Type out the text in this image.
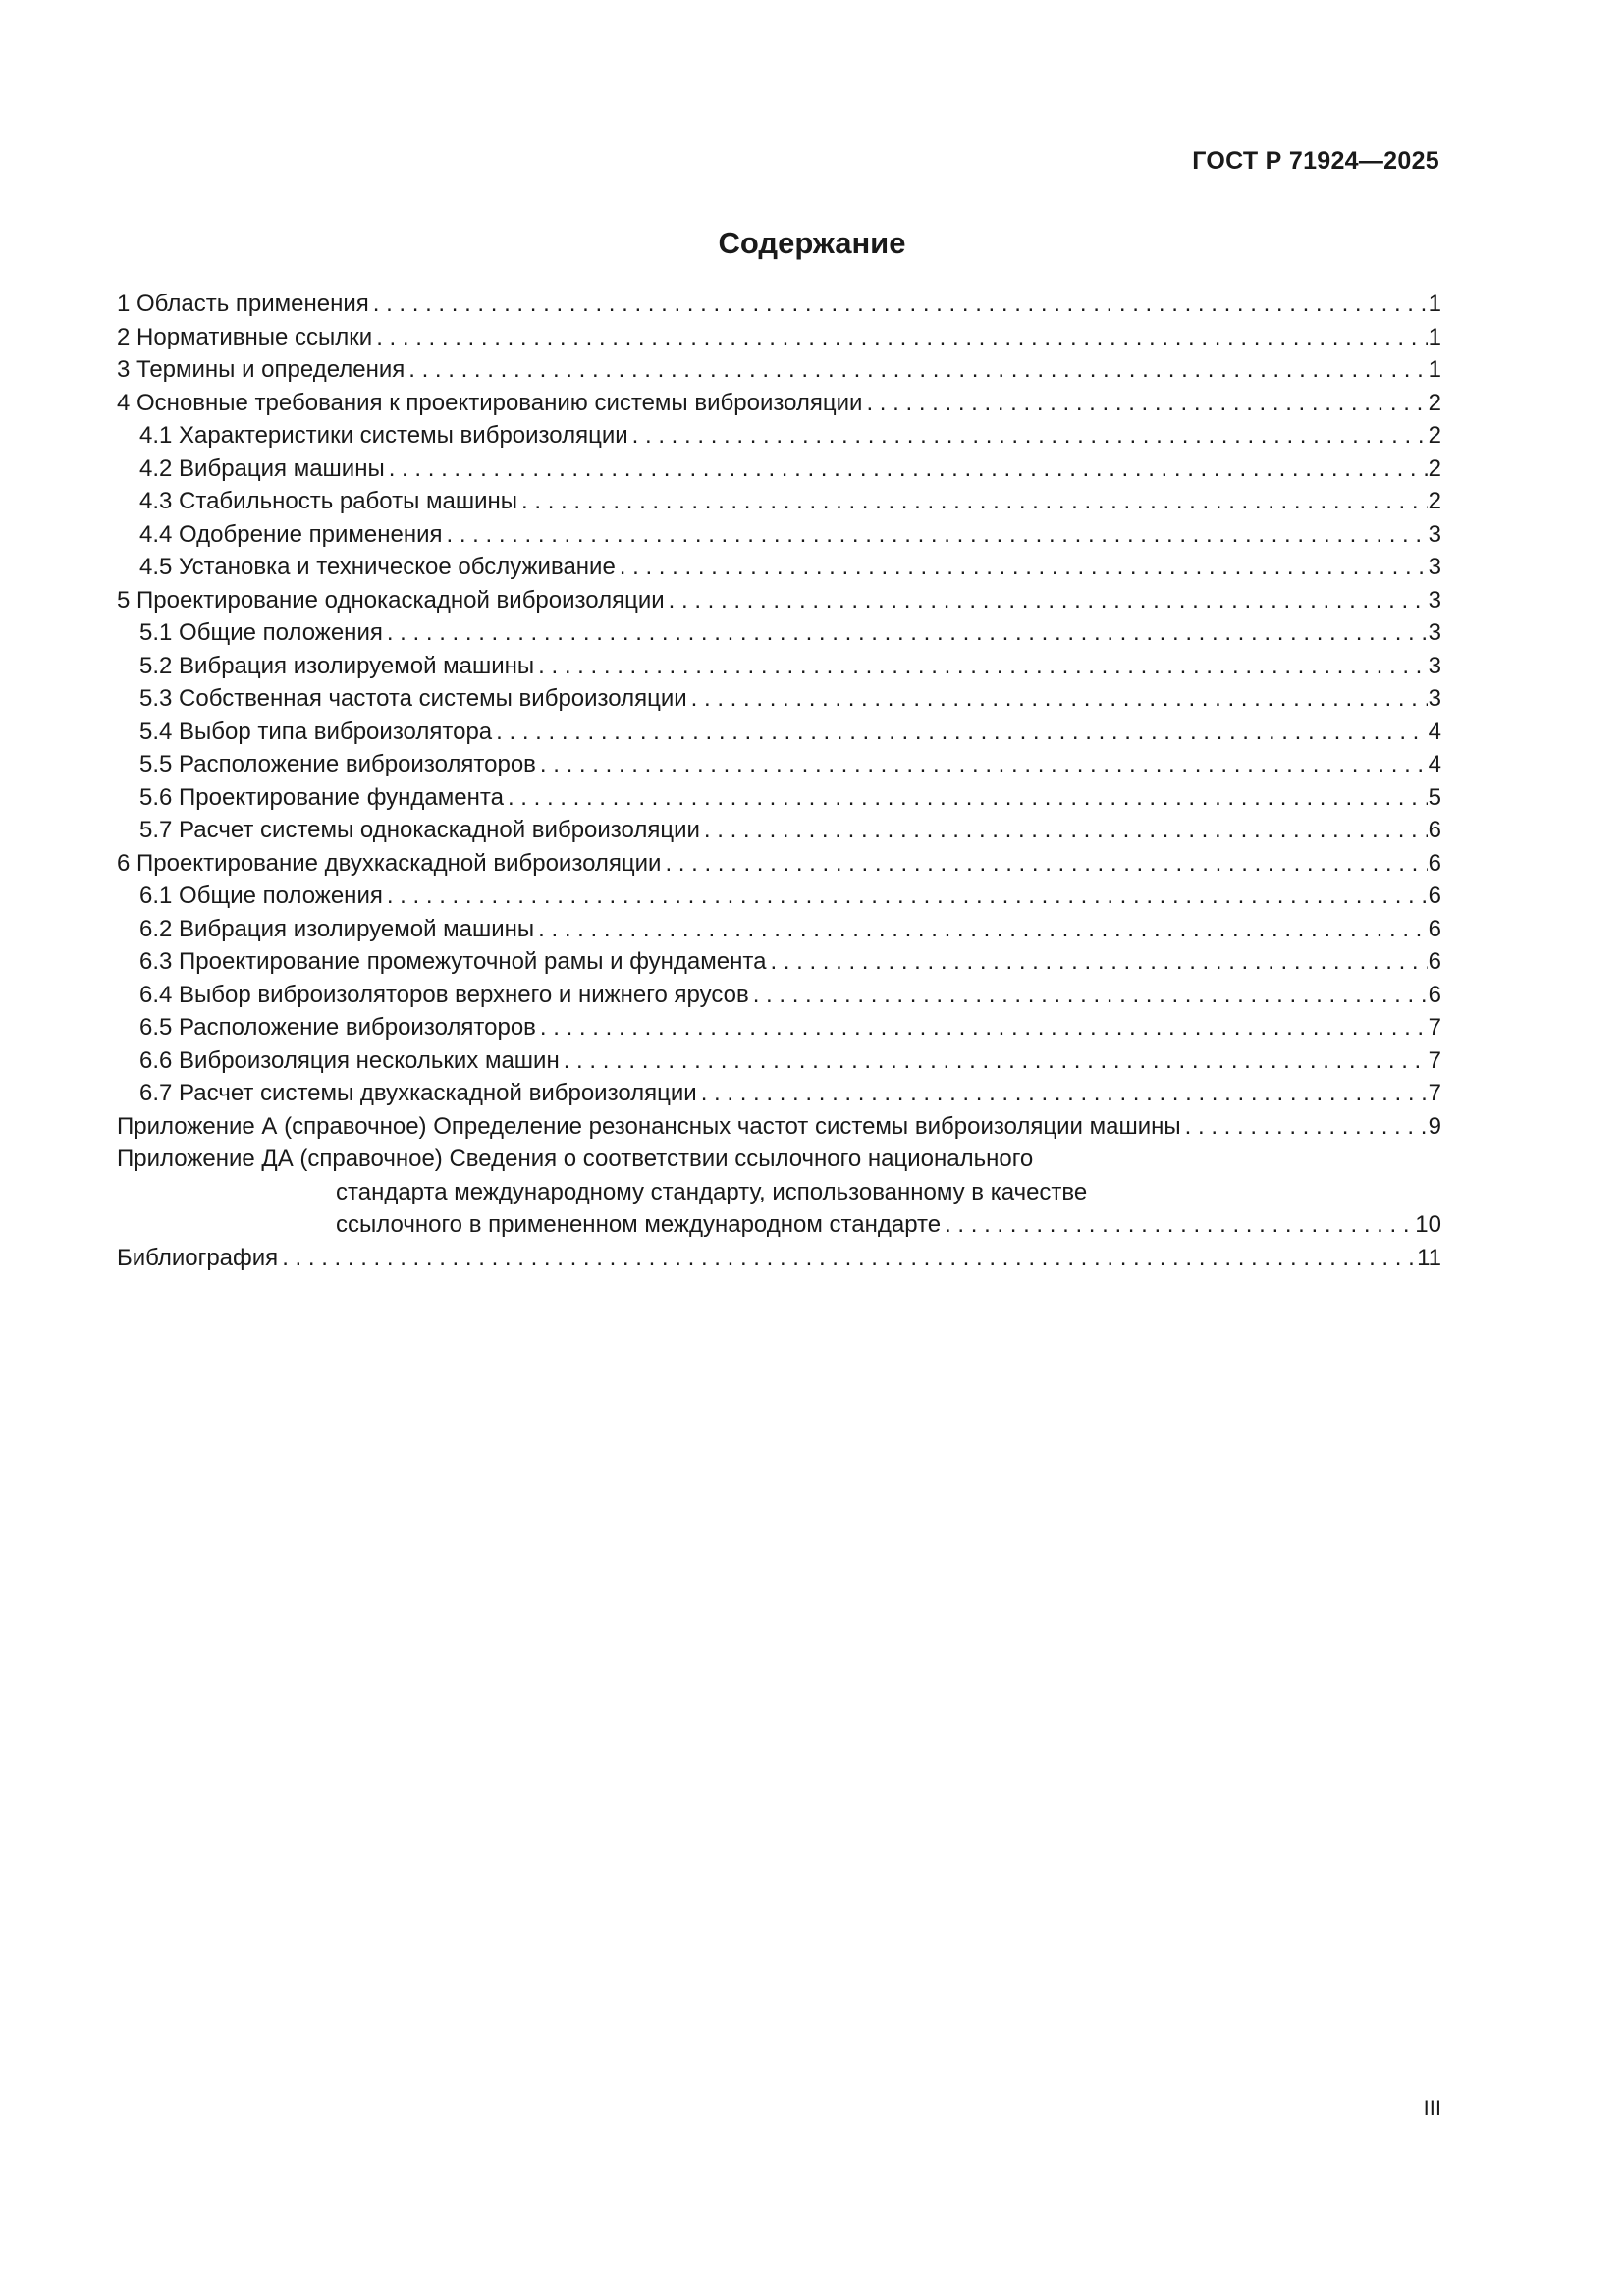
ГОСТ Р 71924—2025
Содержание
1 Область применения . . .	1
2 Нормативные ссылки . . .	1
3 Термины и определения . . .	1
4 Основные требования к проектированию системы виброизоляции . . .	2
4.1 Характеристики системы виброизоляции . . .	2
4.2 Вибрация машины . . .	2
4.3 Стабильность работы машины . . .	2
4.4 Одобрение применения . . .	3
4.5 Установка и техническое обслуживание . . .	3
5 Проектирование однокаскадной виброизоляции . . .	3
5.1 Общие положения . . .	3
5.2 Вибрация изолируемой машины . . .	3
5.3 Собственная частота системы виброизоляции . . .	3
5.4 Выбор типа виброизолятора . . .	4
5.5 Расположение виброизоляторов . . .	4
5.6 Проектирование фундамента . . .	5
5.7 Расчет системы однокаскадной виброизоляции . . .	6
6 Проектирование двухкаскадной виброизоляции . . .	6
6.1 Общие положения . . .	6
6.2 Вибрация изолируемой машины . . .	6
6.3 Проектирование промежуточной рамы и фундамента . . .	6
6.4 Выбор виброизоляторов верхнего и нижнего ярусов . . .	6
6.5 Расположение виброизоляторов . . .	7
6.6 Виброизоляция нескольких машин . . .	7
6.7 Расчет системы двухкаскадной виброизоляции . . .	7
Приложение А (справочное) Определение резонансных частот системы виброизоляции машины . . .	9
Приложение ДА (справочное) Сведения о соответствии ссылочного национального
стандарта международному стандарту, использованному в качестве
ссылочного в примененном международном стандарте . . .	10
Библиография . . .	11
III
